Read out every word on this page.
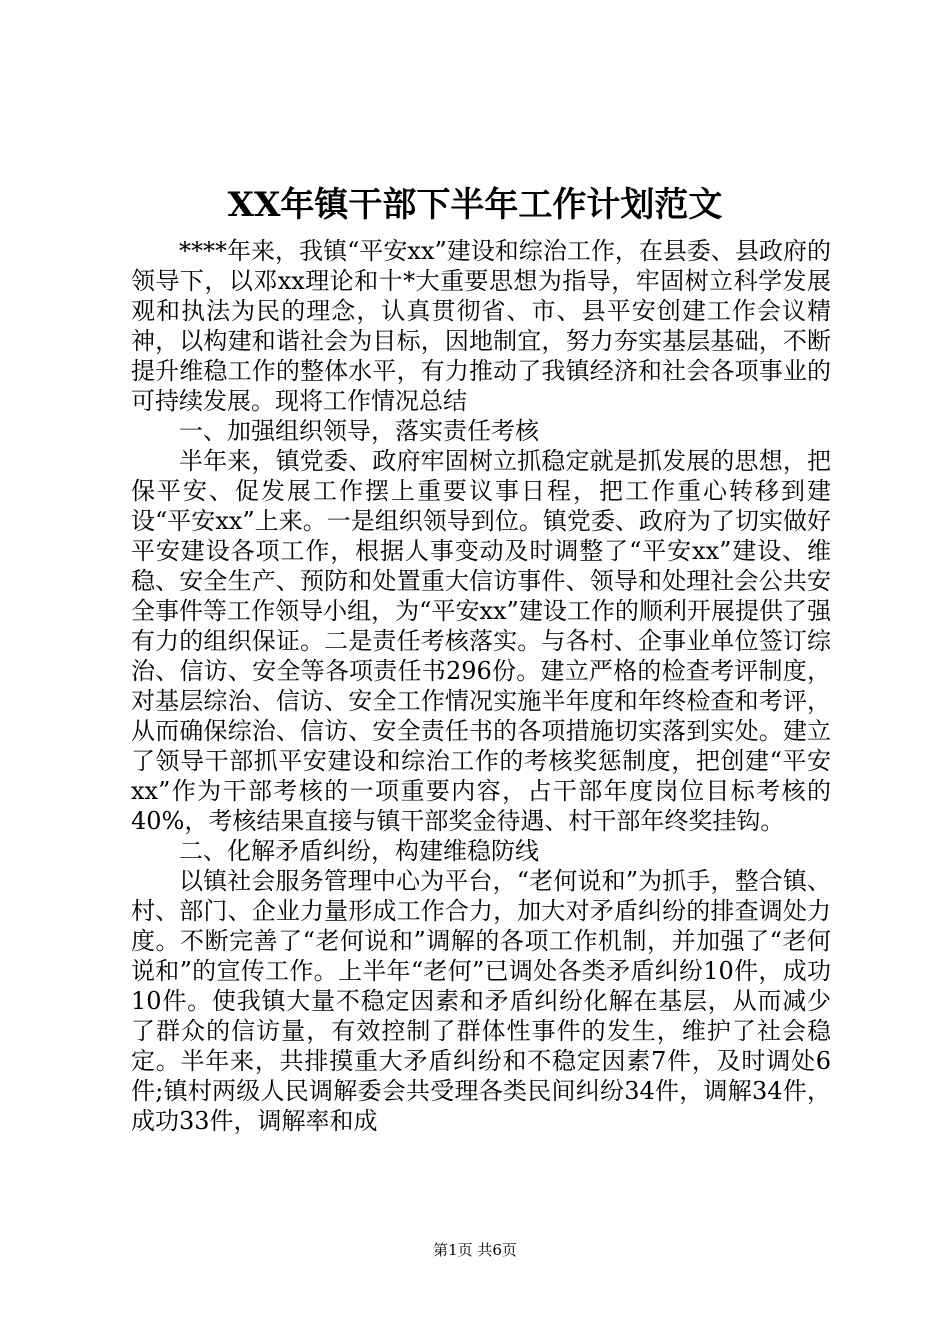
XX年镇干部下半年工作计划范文

****年来，我镇“平安xx”建设和综治工作，在县委、县政府的领导下，以邓xx理论和十*大重要思想为指导，牢固树立科学发展观和执法为民的理念，认真贯彻省、市、县平安创建工作会议精神，以构建和谐社会为目标，因地制宜，努力夯实基层基础，不断提升维稳工作的整体水平，有力推动了我镇经济和社会各项事业的可持续发展。现将工作情况总结

一、加强组织领导，落实责任考核

半年来，镇党委、政府牢固树立抓稳定就是抓发展的思想，把保平安、促发展工作摆上重要议事日程，把工作重心转移到建设“平安xx”上来。一是组织领导到位。镇党委、政府为了切实做好平安建设各项工作，根据人事变动及时调整了“平安xx”建设、维稳、安全生产、预防和处置重大信访事件、领导和处理社会公共安全事件等工作领导小组，为“平安xx”建设工作的顺利开展提供了强有力的组织保证。二是责任考核落实。与各村、企事业单位签订综治、信访、安全等各项责任书296份。建立严格的检查考评制度，对基层综治、信访、安全工作情况实施半年度和年终检查和考评，从而确保综治、信访、安全责任书的各项措施切实落到实处。建立了领导干部抓平安建设和综治工作的考核奖惩制度，把创建“平安xx”作为干部考核的一项重要内容，占干部年度岗位目标考核的40%，考核结果直接与镇干部奖金待遇、村干部年终奖挂钩。

二、化解矛盾纠纷，构建维稳防线

以镇社会服务管理中心为平台，“老何说和”为抓手，整合镇、村、部门、企业力量形成工作合力，加大对矛盾纠纷的排查调处力度。不断完善了“老何说和”调解的各项工作机制，并加强了“老何说和”的宣传工作。上半年“老何”已调处各类矛盾纠纷10件，成功10件。使我镇大量不稳定因素和矛盾纠纷化解在基层，从而减少了群众的信访量，有效控制了群体性事件的发生，维护了社会稳定。半年来，共排摸重大矛盾纠纷和不稳定因素7件，及时调处6件;镇村两级人民调解委会共受理各类民间纠纷34件，调解34件，成功33件，调解率和成

第1页 共6页
